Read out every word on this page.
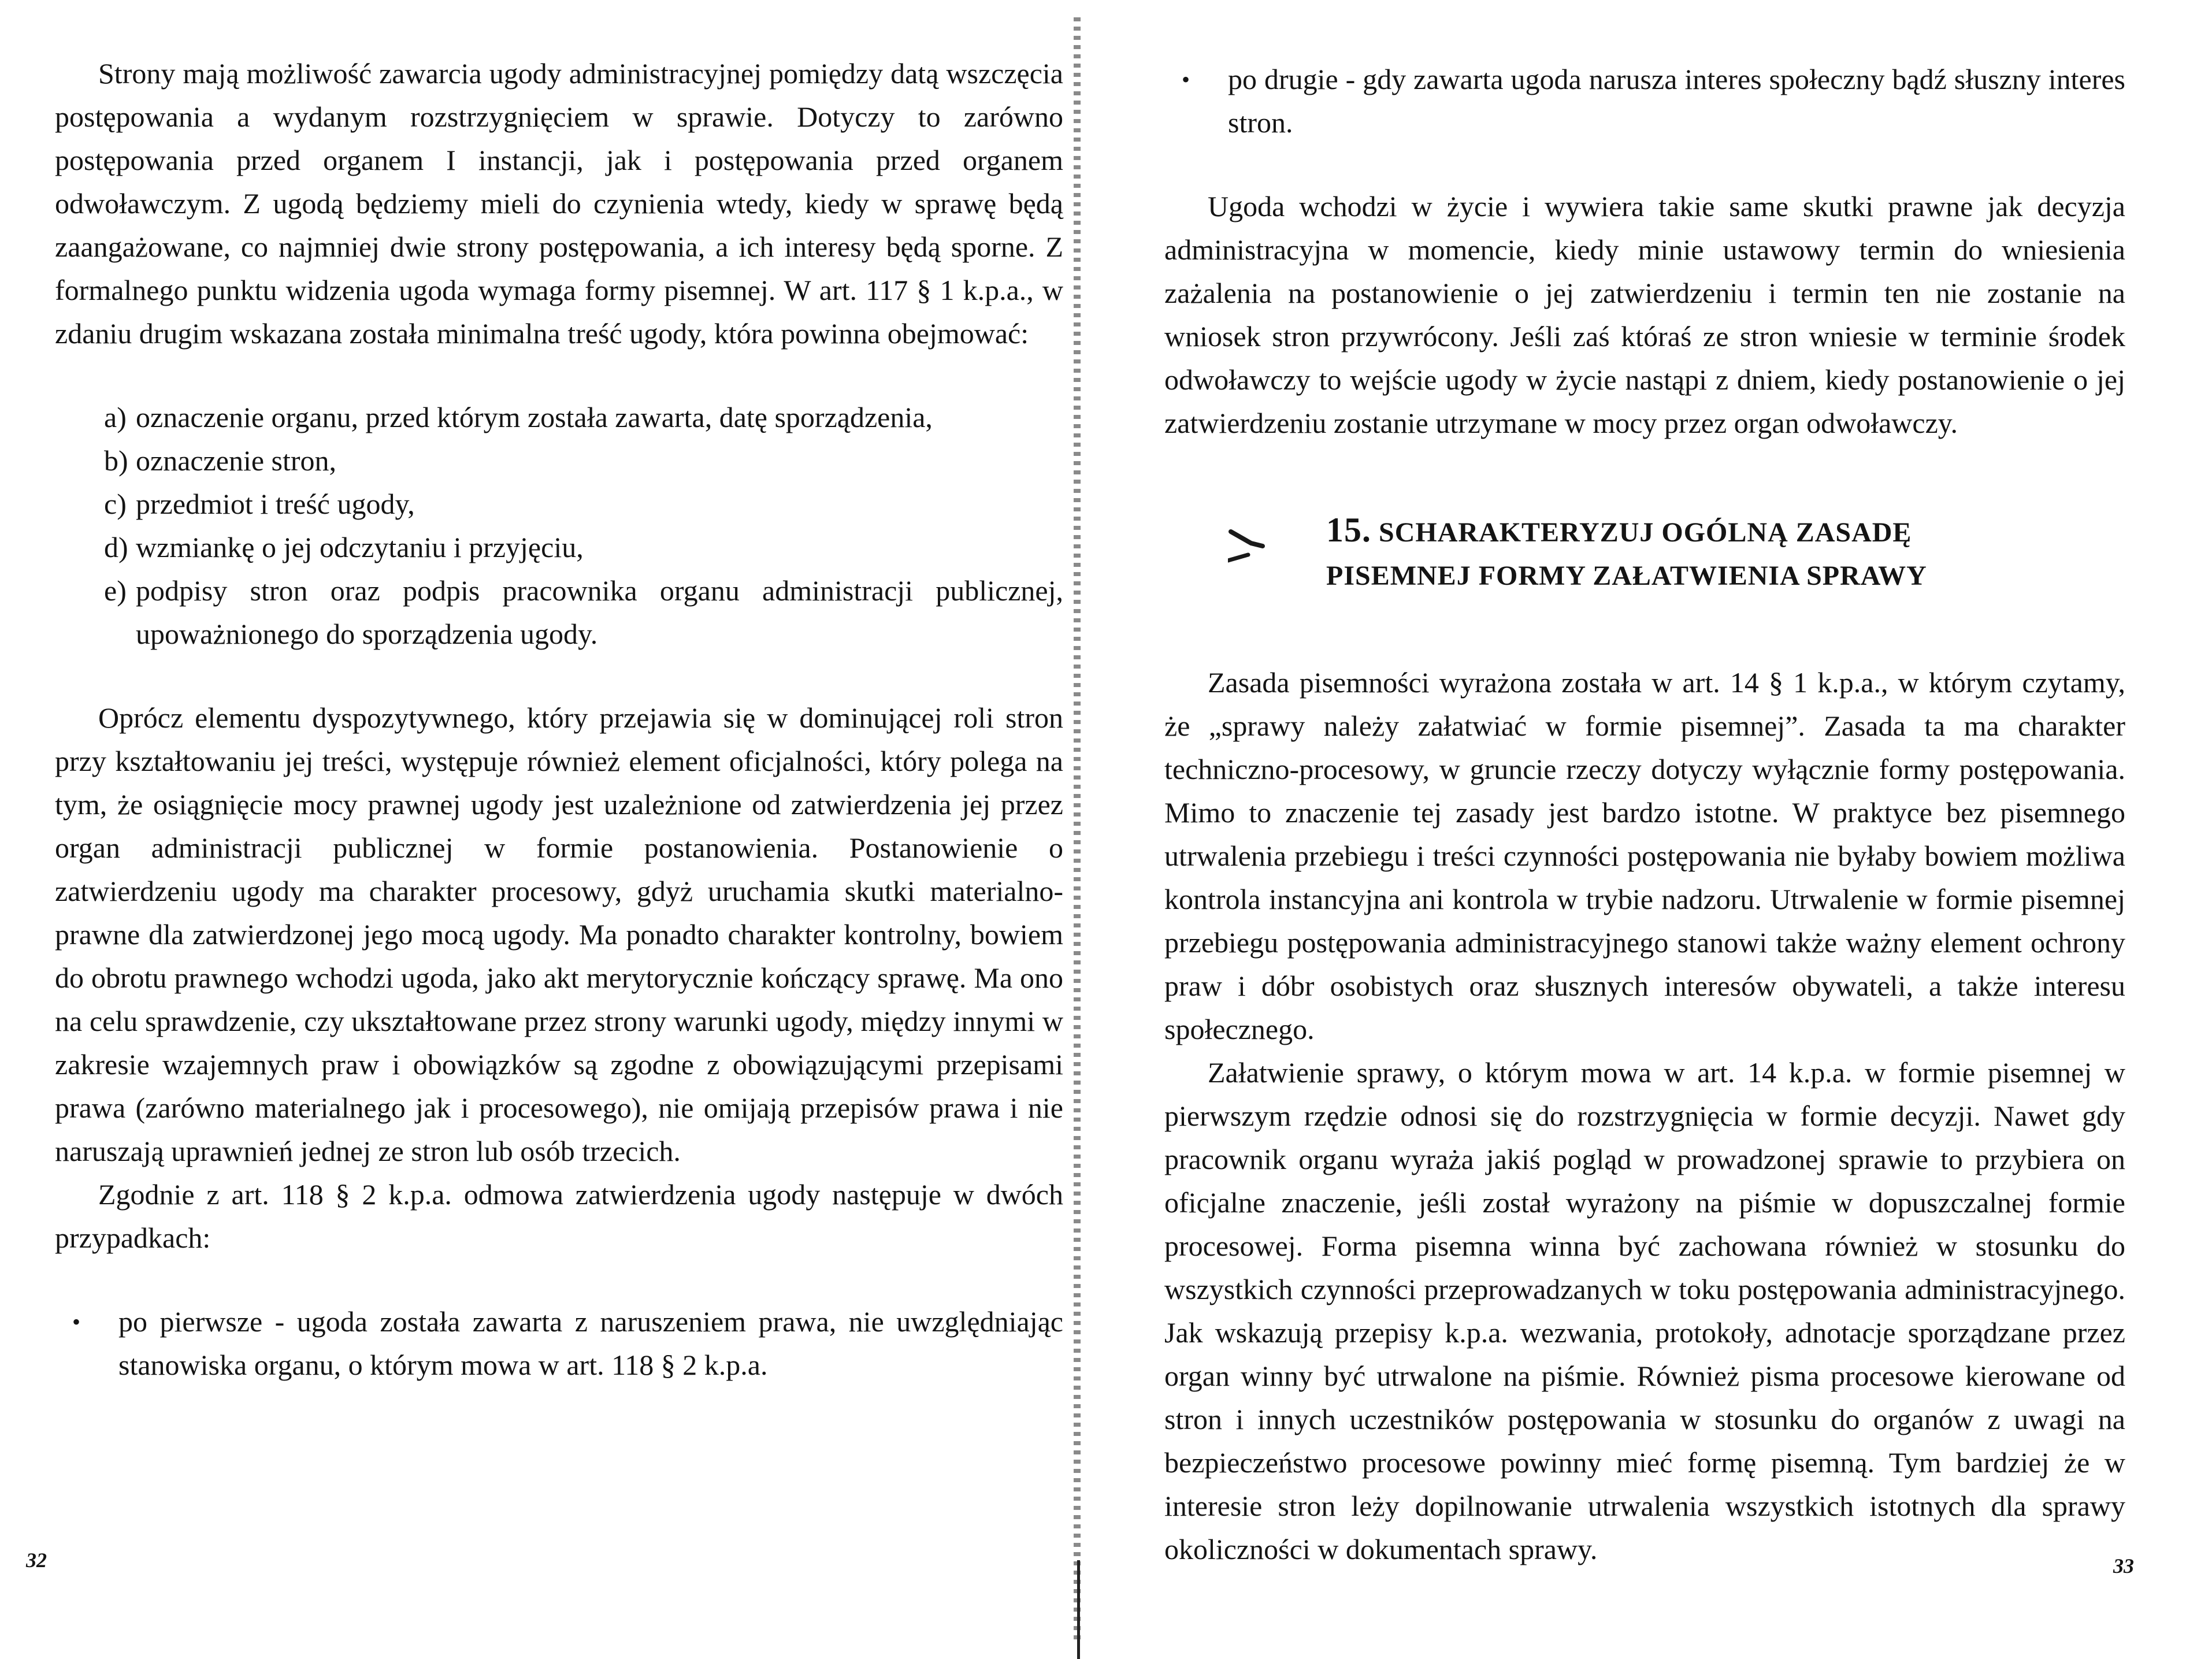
Strony mają możliwość zawarcia ugody administracyjnej pomiędzy datą wszczęcia postępowania a wydanym rozstrzygnięciem w sprawie. Dotyczy to zarówno postępowania przed organem I instancji, jak i postępowania przed organem odwoławczym. Z ugodą będziemy mieli do czynienia wtedy, kiedy w sprawę będą zaangażowane, co najmniej dwie strony postępowania, a ich interesy będą sporne. Z formalnego punktu widzenia ugoda wymaga formy pisemnej. W art. 117 § 1 k.p.a., w zdaniu drugim wskazana została minimalna treść ugody, która powinna obejmować:

a) oznaczenie organu, przed którym została zawarta, datę sporządzenia,
b) oznaczenie stron,
c) przedmiot i treść ugody,
d) wzmiankę o jej odczytaniu i przyjęciu,
e) podpisy stron oraz podpis pracownika organu administracji publicznej, upoważnionego do sporządzenia ugody.

Oprócz elementu dyspozytywnego, który przejawia się w dominującej roli stron przy kształtowaniu jej treści, występuje również element oficjalności, który polega na tym, że osiągnięcie mocy prawnej ugody jest uzależnione od zatwierdzenia jej przez organ administracji publicznej w formie postanowienia. Postanowienie o zatwierdzeniu ugody ma charakter procesowy, gdyż uruchamia skutki materialno-prawne dla zatwierdzonej jego mocą ugody. Ma ponadto charakter kontrolny, bowiem do obrotu prawnego wchodzi ugoda, jako akt merytorycznie kończący sprawę. Ma ono na celu sprawdzenie, czy ukształtowane przez strony warunki ugody, między innymi w zakresie wzajemnych praw i obowiązków są zgodne z obowiązującymi przepisami prawa (zarówno materialnego jak i procesowego), nie omijają przepisów prawa i nie naruszają uprawnień jednej ze stron lub osób trzecich.

Zgodnie z art. 118 § 2 k.p.a. odmowa zatwierdzenia ugody następuje w dwóch przypadkach:

• po pierwsze - ugoda została zawarta z naruszeniem prawa, nie uwzględniając stanowiska organu, o którym mowa w art. 118 § 2 k.p.a.
32
• po drugie - gdy zawarta ugoda narusza interes społeczny bądź słuszny interes stron.

Ugoda wchodzi w życie i wywiera takie same skutki prawne jak decyzja administracyjna w momencie, kiedy minie ustawowy termin do wniesienia zażalenia na postanowienie o jej zatwierdzeniu i termin ten nie zostanie na wniosek stron przywrócony. Jeśli zaś któraś ze stron wniesie w terminie środek odwoławczy to wejście ugody w życie nastąpi z dniem, kiedy postanowienie o jej zatwierdzeniu zostanie utrzymane w mocy przez organ odwoławczy.

15. SCHARAKTERYZUJ OGÓLNĄ ZASADĘ
PISEMNEJ FORMY ZAŁATWIENIA SPRAWY

Zasada pisemności wyrażona została w art. 14 § 1 k.p.a., w którym czytamy, że „sprawy należy załatwiać w formie pisemnej”. Zasada ta ma charakter techniczno-procesowy, w gruncie rzeczy dotyczy wyłącznie formy postępowania. Mimo to znaczenie tej zasady jest bardzo istotne. W praktyce bez pisemnego utrwalenia przebiegu i treści czynności postępowania nie byłaby bowiem możliwa kontrola instancyjna ani kontrola w trybie nadzoru. Utrwalenie w formie pisemnej przebiegu postępowania administracyjnego stanowi także ważny element ochrony praw i dóbr osobistych oraz słusznych interesów obywateli, a także interesu społecznego.

Załatwienie sprawy, o którym mowa w art. 14 k.p.a. w formie pisemnej w pierwszym rzędzie odnosi się do rozstrzygnięcia w formie decyzji. Nawet gdy pracownik organu wyraża jakiś pogląd w prowadzonej sprawie to przybiera on oficjalne znaczenie, jeśli został wyrażony na piśmie w dopuszczalnej formie procesowej. Forma pisemna winna być zachowana również w stosunku do wszystkich czynności przeprowadzanych w toku postępowania administracyjnego. Jak wskazują przepisy k.p.a. wezwania, protokoły, adnotacje sporządzane przez organ winny być utrwalone na piśmie. Również pisma procesowe kierowane od stron i innych uczestników postępowania w stosunku do organów z uwagi na bezpieczeństwo procesowe powinny mieć formę pisemną. Tym bardziej że w interesie stron leży dopilnowanie utrwalenia wszystkich istotnych dla sprawy okoliczności w dokumentach sprawy.

33
